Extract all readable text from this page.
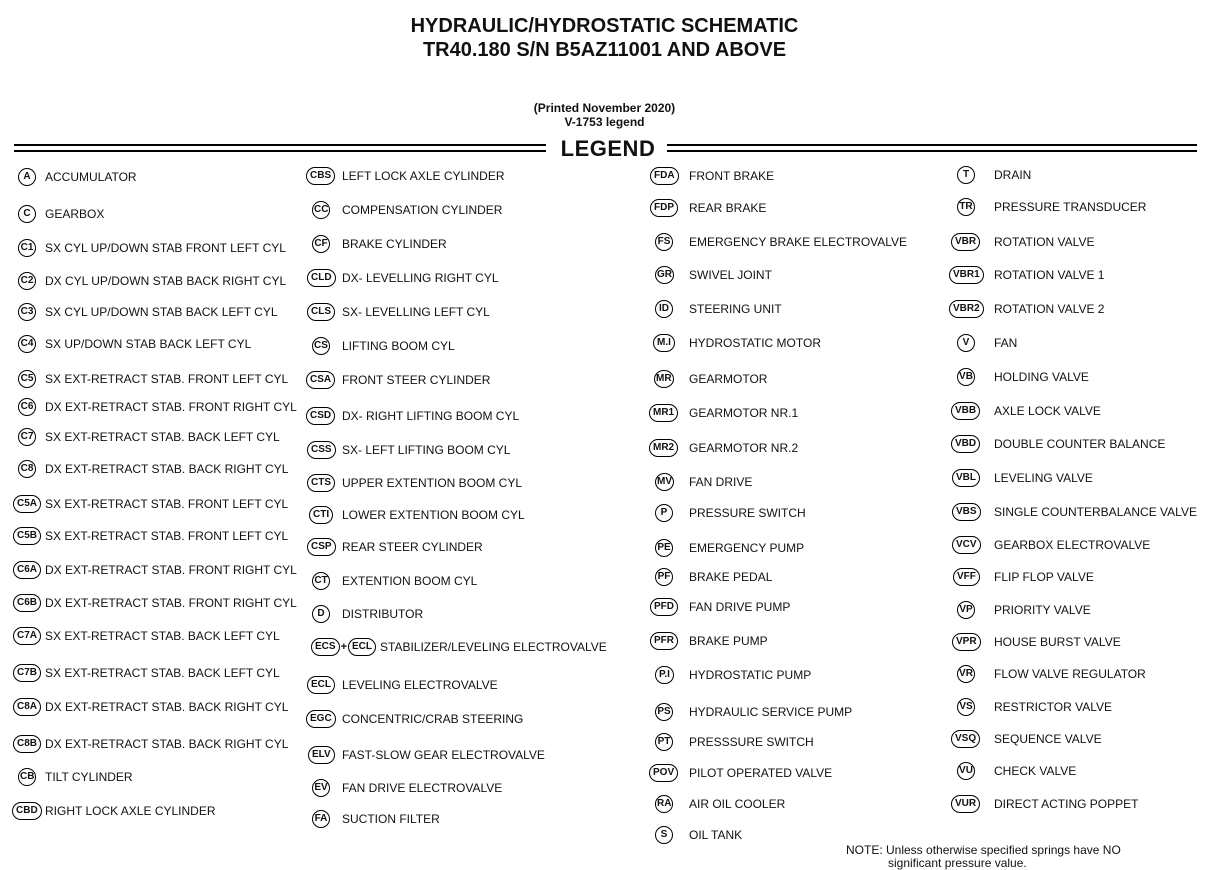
HYDRAULIC/HYDROSTATIC SCHEMATIC
TR40.180 S/N B5AZ11001 AND ABOVE
(Printed November 2020)
V-1753 legend
LEGEND
A	ACCUMULATOR
C	GEARBOX
C1 SX CYL UP/DOWN STAB FRONT LEFT CYL
C2 DX CYL UP/DOWN STAB BACK RIGHT CYL
C3 SX CYL UP/DOWN STAB BACK LEFT CYL
C4 SX UP/DOWN STAB BACK LEFT CYL
C5 SX EXT-RETRACT STAB. FRONT LEFT CYL
C6 DX EXT-RETRACT STAB. FRONT RIGHT CYL
C7 SX EXT-RETRACT STAB. BACK LEFT CYL
C8 DX EXT-RETRACT STAB. BACK RIGHT CYL
C5A SX EXT-RETRACT STAB. FRONT LEFT CYL
C5B SX EXT-RETRACT STAB. FRONT LEFT CYL
C6A DX EXT-RETRACT STAB. FRONT RIGHT CYL
C6B DX EXT-RETRACT STAB. FRONT RIGHT CYL
C7A SX EXT-RETRACT STAB. BACK LEFT CYL
C7B SX EXT-RETRACT STAB. BACK LEFT CYL
C8A DX EXT-RETRACT STAB. BACK RIGHT CYL
C8B DX EXT-RETRACT STAB. BACK RIGHT CYL
CB TILT CYLINDER
CBD RIGHT LOCK AXLE CYLINDER
CBS LEFT LOCK AXLE CYLINDER
CC COMPENSATION CYLINDER
CF BRAKE CYLINDER
CLD DX- LEVELLING RIGHT CYL
CLS SX- LEVELLING LEFT CYL
CS LIFTING BOOM CYL
CSA FRONT STEER CYLINDER
CSD DX- RIGHT LIFTING BOOM CYL
CSS SX- LEFT LIFTING BOOM CYL
CTS UPPER EXTENTION BOOM CYL
CTI	LOWER EXTENTION BOOM CYL
CSP REAR STEER CYLINDER
CT EXTENTION BOOM CYL
D	DISTRIBUTOR
ECS + ECL STABILIZER/LEVELING ELECTROVALVE
ECL LEVELING ELECTROVALVE
EGC CONCENTRIC/CRAB STEERING
ELV FAST-SLOW GEAR ELECTROVALVE
EV FAN DRIVE ELECTROVALVE
FA SUCTION FILTER
FDA	FRONT BRAKE
FDP	REAR BRAKE
FS EMERGENCY BRAKE ELECTROVALVE
GR SWIVEL JOINT
ID	STEERING UNIT
M.I	HYDROSTATIC MOTOR
MR GEARMOTOR
MR1	GEARMOTOR NR.1
MR2	GEARMOTOR NR.2
MV FAN DRIVE
P	PRESSURE SWITCH
PE EMERGENCY PUMP
PF BRAKE PEDAL
PFD	FAN DRIVE PUMP
PFR	BRAKE PUMP
P.I	HYDROSTATIC PUMP
PS HYDRAULIC SERVICE PUMP
PT PRESSSURE SWITCH
POV	PILOT OPERATED VALVE
RA AIR OIL COOLER
S	OIL TANK
T	DRAIN
TR PRESSURE TRANSDUCER
VBR	ROTATION VALVE
VBR1	ROTATION VALVE 1
VBR2	ROTATION VALVE 2
V	FAN
VB HOLDING VALVE
VBB	AXLE LOCK VALVE
VBD	DOUBLE COUNTER BALANCE
VBL	LEVELING VALVE
VBS	SINGLE COUNTERBALANCE VALVE
VCV	GEARBOX ELECTROVALVE
VFF	FLIP FLOP VALVE
VP PRIORITY VALVE
VPR	HOUSE BURST VALVE
VR FLOW VALVE REGULATOR
VS RESTRICTOR VALVE
VSQ	SEQUENCE VALVE
VU CHECK VALVE
VUR	DIRECT ACTING POPPET
NOTE: Unless otherwise specified springs have NO
significant pressure value.
